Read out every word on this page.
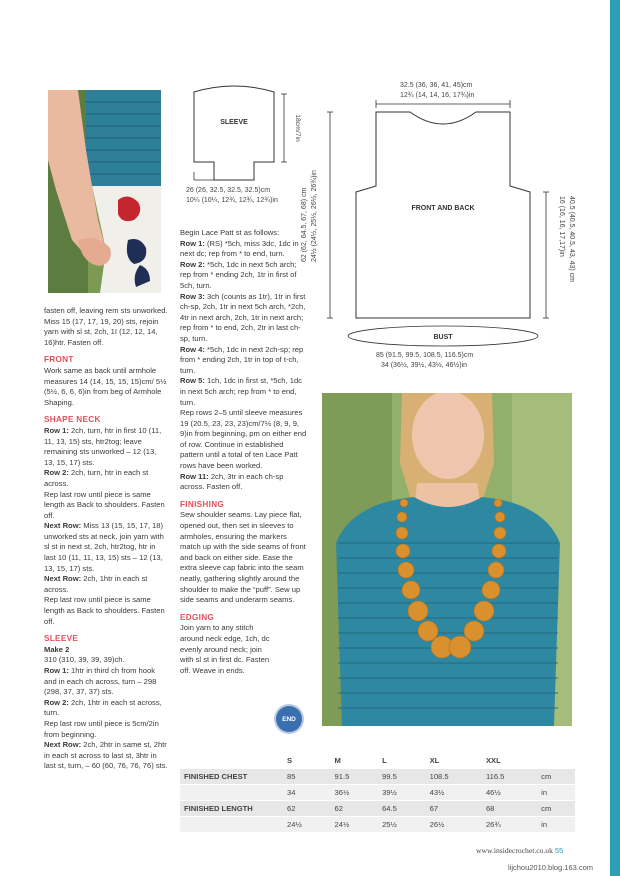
SLEEVE	18cm/7in
26 (26, 32.5, 32.5, 32.5)cm
10¼ (10¼, 12¾, 12¾, 12¾)in
32.5 (36, 36, 41, 45)cm
12¾ (14, 14, 16, 17¾)in
FRONT AND BACK
BUST
62 (62, 64.5, 67, 68) cm 24½ (24½, 25½, 26½, 26¾)in	40.5 (40.5, 40.5, 43, 43) cm
16 (16, 16, 17,17)in
85 (91.5, 99.5, 108.5, 116.5)cm
34 (36½, 39½, 43½, 46½)in

fasten off, leaving rem sts unworked. Miss 15 (17, 17, 19, 20) sts, rejoin yarn with sl st, 2ch, 1I (12, 12, 14, 16)htr. Fasten off.

FRONT

Work same as back until armhole measures 14 (14, 15, 15, 15)cm/ 5½ (5½, 6, 6, 6)in from beg of Armhole Shaping.

SHAPE NECK

Row 1: 2ch, turn, htr in first 10 (11, 11, 13, 15) sts, htr2tog; leave remaining sts unworked – 12 (13, 13, 15, 17) sts.

Row 2: 2ch, turn, htr in each st across.

Rep last row until piece is same length as Back to shoulders. Fasten off.

Next Row: Miss 13 (15, 15, 17, 18) unworked sts at neck, join yarn with sl st in next st, 2ch, htr2tog, htr in last 10 (11, 11, 13, 15) sts – 12 (13, 13, 15, 17) sts.

Next Row: 2ch, 1htr in each st across.

Rep last row until piece is same length as Back to shoulders. Fasten off.

SLEEVE

Make 2

310 (310, 39, 39, 39)ch.

Row 1: 1htr in third ch from hook and in each ch across, turn – 298 (298, 37, 37, 37) sts.

Row 2: 2ch, 1htr in each st across, turn.

Rep last row until piece is 5cm/2in from beginning.

Next Row: 2ch, 2htr in same st, 2htr in each st across to last st, 3htr in last st, turn, – 60 (60, 76, 76, 76) sts.

Begin Lace Patt st as follows:

Row 1: (RS) *5ch, miss 3dc, 1dc in next dc; rep from * to end, turn.

Row 2: *5ch, 1dc in next 5ch arch; rep from * ending 2ch, 1tr in first of 5ch, turn.

Row 3: 3ch (counts as 1tr), 1tr in first ch-sp, 2ch, 1tr in next 5ch arch, *2ch, 4tr in next arch, 2ch, 1tr in next arch; rep from * to end, 2ch, 2tr in last ch-sp, turn.

Row 4: *5ch, 1dc in next 2ch-sp; rep from * ending 2ch, 1tr in top of t-ch, turn.

Row 5: 1ch, 1dc in first st, *5ch, 1dc in next 5ch arch; rep from * to end, turn.

Rep rows 2–5 until sleeve measures 19 (20.5, 23, 23, 23)cm/7½ (8, 9, 9, 9)in from beginning, pm on either end of row. Continue in established pattern until a total of ten Lace Patt rows have been worked.

Row 11: 2ch, 3tr in each ch-sp across. Fasten off.

FINISHING

Sew shoulder seams. Lay piece flat, opened out, then set in sleeves to armholes, ensuring the markers match up with the side seams of front and back on either side. Ease the extra sleeve cap fabric into the seam neatly, gathering slightly around the shoulder to make the “puff”. Sew up side seams and underarm seams.

EDGING

Join yarn to any stitch around neck edge, 1ch, dc evenly around neck; join with sl st in first dc. Fasten off. Weave in ends.

END
	S	M	L	XL	XXL	
FINISHED CHEST	85	91.5	99.5	108.5	116.5	cm
	34	36½	39½	43½	46½	in
FINISHED LENGTH	62	62	64.5	67	68	cm
	24½	24½	25½	26½	26¾	in
www.insidecrochet.co.uk 55
lijchou2010.blog.163.com
